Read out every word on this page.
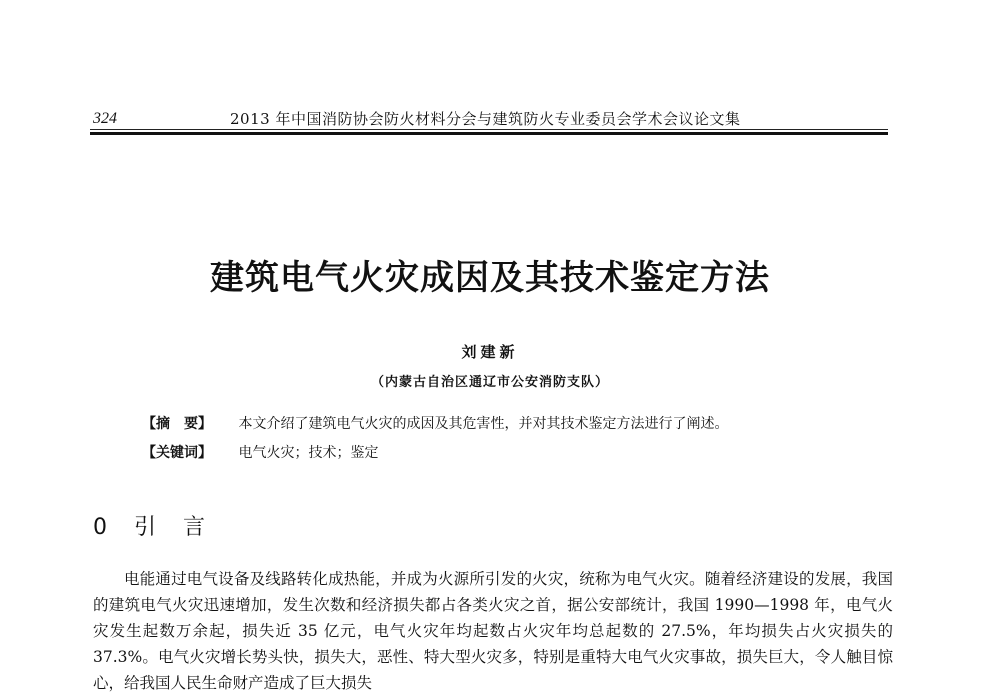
324	2013 年中国消防协会防火材料分会与建筑防火专业委员会学术会议论文集
建筑电气火灾成因及其技术鉴定方法
刘建新
（内蒙古自治区通辽市公安消防支队）
【摘　要】 本文介绍了建筑电气火灾的成因及其危害性，并对其技术鉴定方法进行了阐述。
【关键词】 电气火灾；技术；鉴定
0 引 言

电能通过电气设备及线路转化成热能，并成为火源所引发的火灾，统称为电气火灾。随着经济建设的发展，我国的建筑电气火灾迅速增加，发生次数和经济损失都占各类火灾之首，据公安部统计，我国 1990—1998 年，电气火灾发生起数万余起，损失近 35 亿元，电气火灾年均起数占火灾年均总起数的 27.5%，年均损失占火灾损失的 37.3%。电气火灾增长势头快，损失大，恶性、特大型火灾多，特别是重特大电气火灾事故，损失巨大，令人触目惊心，给我国人民生命财产造成了巨大损失
